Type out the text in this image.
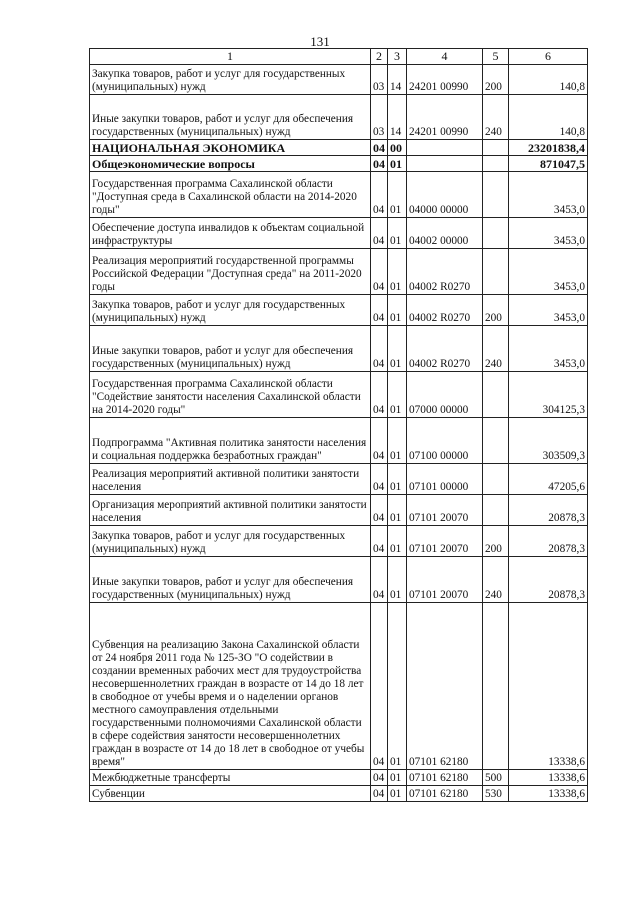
131
1	2	3	4	5	6
Закупка товаров, работ и услуг для государственных (муниципальных) нужд	03	14	24201 00990	200	140,8
Иные закупки товаров, работ и услуг для обеспечения государственных (муниципальных) нужд	03	14	24201 00990	240	140,8
НАЦИОНАЛЬНАЯ ЭКОНОМИКА	04	00			23201838,4
Общеэкономические вопросы	04	01			871047,5
Государственная программа Сахалинской области "Доступная среда в Сахалинской области на 2014-2020 годы"	04	01	04000 00000		3453,0
Обеспечение доступа инвалидов к объектам социальной инфраструктуры	04	01	04002 00000		3453,0
Реализация мероприятий государственной программы Российской Федерации "Доступная среда" на 2011-2020 годы	04	01	04002 R0270		3453,0
Закупка товаров, работ и услуг для государственных (муниципальных) нужд	04	01	04002 R0270	200	3453,0
Иные закупки товаров, работ и услуг для обеспечения государственных (муниципальных) нужд	04	01	04002 R0270	240	3453,0
Государственная программа Сахалинской области "Содействие занятости населения Сахалинской области на 2014-2020 годы"	04	01	07000 00000		304125,3
Подпрограмма "Активная политика занятости населения и социальная поддержка безработных граждан"	04	01	07100 00000		303509,3
Реализация мероприятий активной политики занятости населения	04	01	07101 00000		47205,6
Организация мероприятий активной политики занятости населения	04	01	07101 20070		20878,3
Закупка товаров, работ и услуг для государственных (муниципальных) нужд	04	01	07101 20070	200	20878,3
Иные закупки товаров, работ и услуг для обеспечения государственных (муниципальных) нужд	04	01	07101 20070	240	20878,3
Субвенция на реализацию Закона Сахалинской области от 24 ноября 2011 года № 125-ЗО "О содействии в создании временных рабочих мест для трудоустройства несовершеннолетних граждан в возрасте от 14 до 18 лет в свободное от учебы время и о наделении органов местного самоуправления отдельными государственными полномочиями Сахалинской области в сфере содействия занятости несовершеннолетних граждан в возрасте от 14 до 18 лет в свободное от учебы время"	04	01	07101 62180		13338,6
Межбюджетные трансферты	04	01	07101 62180	500	13338,6
Субвенции	04	01	07101 62180	530	13338,6
